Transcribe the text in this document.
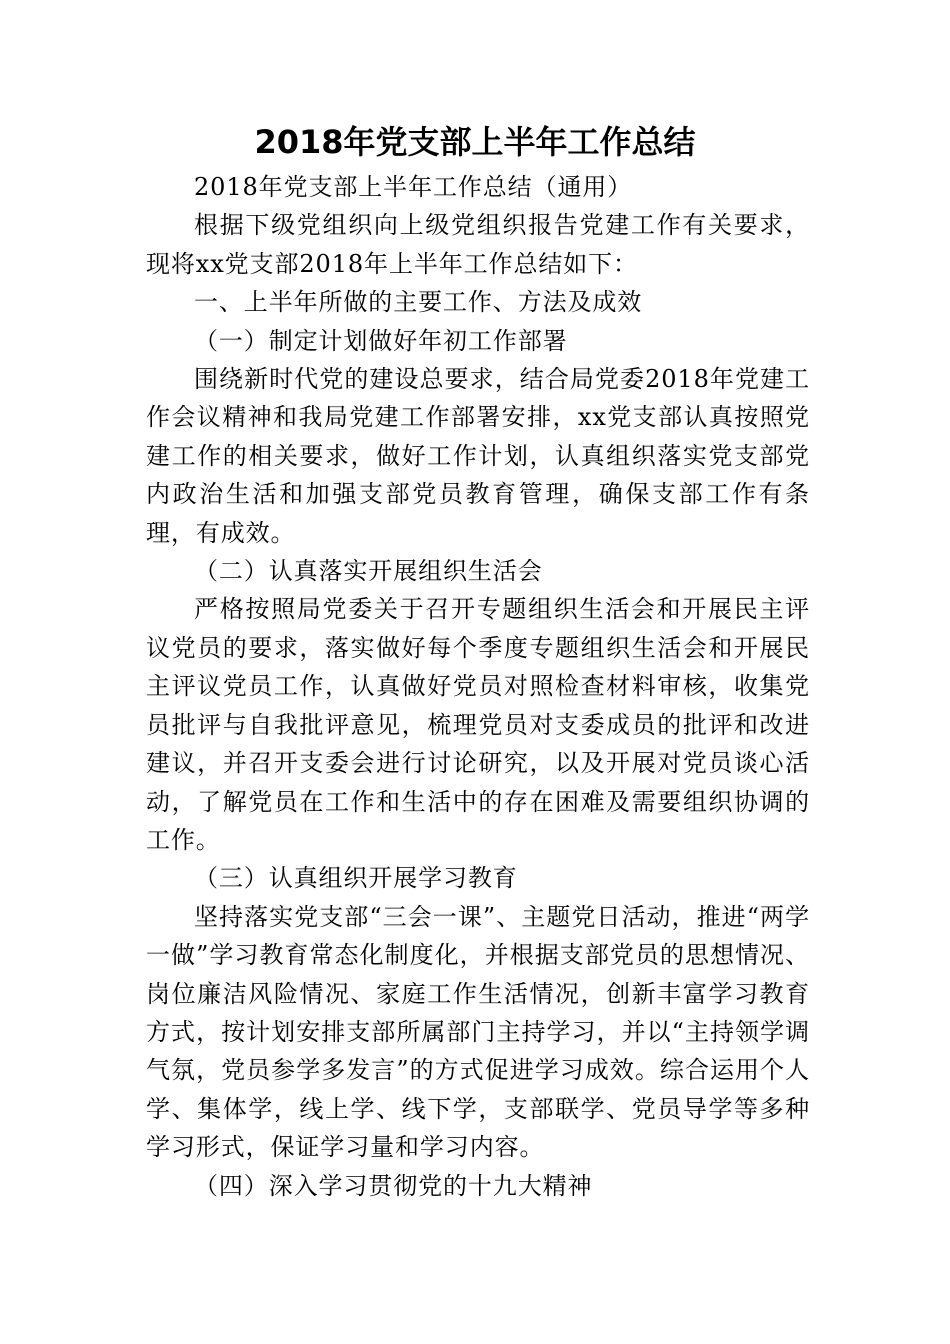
2018年党支部上半年工作总结

2018年党支部上半年工作总结（通用）

根据下级党组织向上级党组织报告党建工作有关要求，现将xx党支部2018年上半年工作总结如下：

一、上半年所做的主要工作、方法及成效

（一）制定计划做好年初工作部署

围绕新时代党的建设总要求，结合局党委2018年党建工作会议精神和我局党建工作部署安排，xx党支部认真按照党建工作的相关要求，做好工作计划，认真组织落实党支部党内政治生活和加强支部党员教育管理，确保支部工作有条理，有成效。

（二）认真落实开展组织生活会

严格按照局党委关于召开专题组织生活会和开展民主评议党员的要求，落实做好每个季度专题组织生活会和开展民主评议党员工作，认真做好党员对照检查材料审核，收集党员批评与自我批评意见，梳理党员对支委成员的批评和改进建议，并召开支委会进行讨论研究，以及开展对党员谈心活动，了解党员在工作和生活中的存在困难及需要组织协调的工作。

（三）认真组织开展学习教育

坚持落实党支部“三会一课”、主题党日活动，推进“两学一做”学习教育常态化制度化，并根据支部党员的思想情况、岗位廉洁风险情况、家庭工作生活情况，创新丰富学习教育方式，按计划安排支部所属部门主持学习，并以“主持领学调气氛，党员参学多发言”的方式促进学习成效。综合运用个人学、集体学，线上学、线下学，支部联学、党员导学等多种学习形式，保证学习量和学习内容。

（四）深入学习贯彻党的十九大精神
